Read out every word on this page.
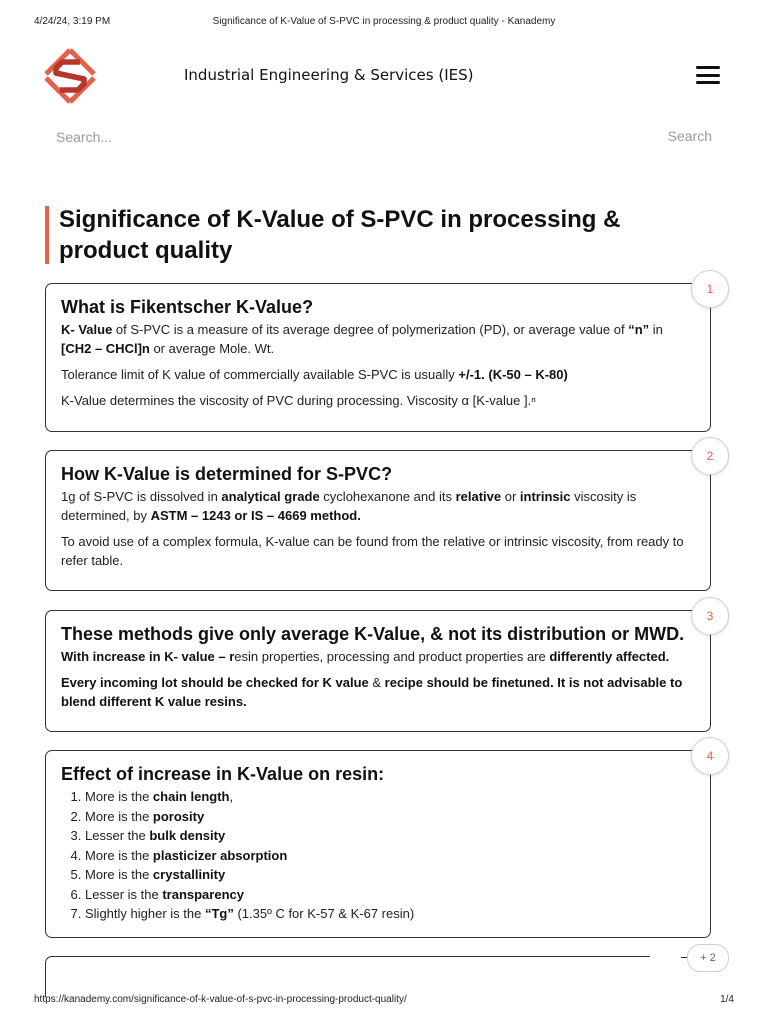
4/24/24, 3:19 PM	Significance of K-Value of S-PVC in processing & product quality - Kanademy
Industrial Engineering & Services (IES)
Search...
Search
Significance of K-Value of S-PVC in processing & product quality
1
What is Fikentscher K-Value?

K- Value of S-PVC is a measure of its average degree of polymerization (PD), or average value of “n” in [CH2 – CHCl]n or average Mole. Wt.

Tolerance limit of K value of commercially available S-PVC is usually +/-1. (K-50 – K-80)

K-Value determines the viscosity of PVC during processing. Viscosity α [K-value ].ⁿ

2
How K-Value is determined for S-PVC?

1g of S-PVC is dissolved in analytical grade cyclohexanone and its relative or intrinsic viscosity is determined, by ASTM – 1243 or IS – 4669 method.

To avoid use of a complex formula, K-value can be found from the relative or intrinsic viscosity, from ready to refer table.

3
These methods give only average K-Value, & not its distribution or MWD.

With increase in K- value – resin properties, processing and product properties are differently affected.

Every incoming lot should be checked for K value & recipe should be finetuned. It is not advisable to blend different K value resins.

4
Effect of increase in K-Value on resin:
1. More is the chain length,
2. More is the porosity
3. Lesser the bulk density
4. More is the plasticizer absorption
5. More is the crystallinity
6. Lesser is the transparency
7. Slightly higher is the “Tg” (1.35º C for K-57 & K-67 resin)
+ 2
https://kanademy.com/significance-of-k-value-of-s-pvc-in-processing-product-quality/	1/4
